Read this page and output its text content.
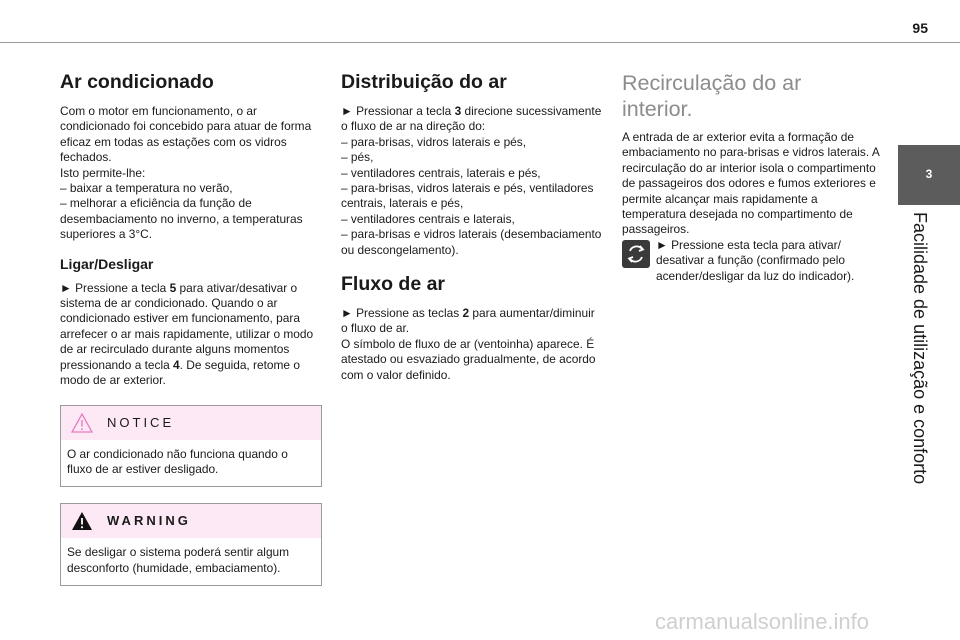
95
3
Facilidade de utilização e conforto
Ar condicionado

Com o motor em funcionamento, o ar

condicionado foi concebido para atuar de forma

eficaz em todas as estações com os vidros

fechados.

Isto permite-lhe:

– baixar a temperatura no verão,

– melhorar a eficiência da função de

desembaciamento no inverno, a temperaturas

superiores a 3°C.

Ligar/Desligar

► Pressione a tecla 5 para ativar/desativar o sistema de ar condicionado. Quando o ar condicionado estiver em funcionamento, para arrefecer o ar mais rapidamente, utilizar o modo de ar recirculado durante alguns momentos pressionando a tecla 4. De seguida, retome o modo de ar exterior.

NOTICE
O ar condicionado não funciona quando o fluxo de ar estiver desligado.
WARNING
Se desligar o sistema poderá sentir algum desconforto (humidade, embaciamento).
Distribuição do ar

► Pressionar a tecla 3 direcione sucessivamente o fluxo de ar na direção do:

– para-brisas, vidros laterais e pés,

– pés,

– ventiladores centrais, laterais e pés,

– para-brisas, vidros laterais e pés, ventiladores centrais, laterais e pés,

– ventiladores centrais e laterais,

– para-brisas e vidros laterais (desembaciamento ou descongelamento).

Fluxo de ar

► Pressione as teclas 2 para aumentar/diminuir o fluxo de ar.

O símbolo de fluxo de ar (ventoinha) aparece. É atestado ou esvaziado gradualmente, de acordo com o valor definido.

Recirculação do ar
interior.

A entrada de ar exterior evita a formação de embaciamento no para-brisas e vidros laterais. A recirculação do ar interior isola o compartimento de passageiros dos odores e fumos exteriores e permite alcançar mais rapidamente a temperatura desejada no compartimento de passageiros.

► Pressione esta tecla para ativar/ desativar a função (confirmado pelo acender/desligar da luz do indicador).
carmanualsonline.info
